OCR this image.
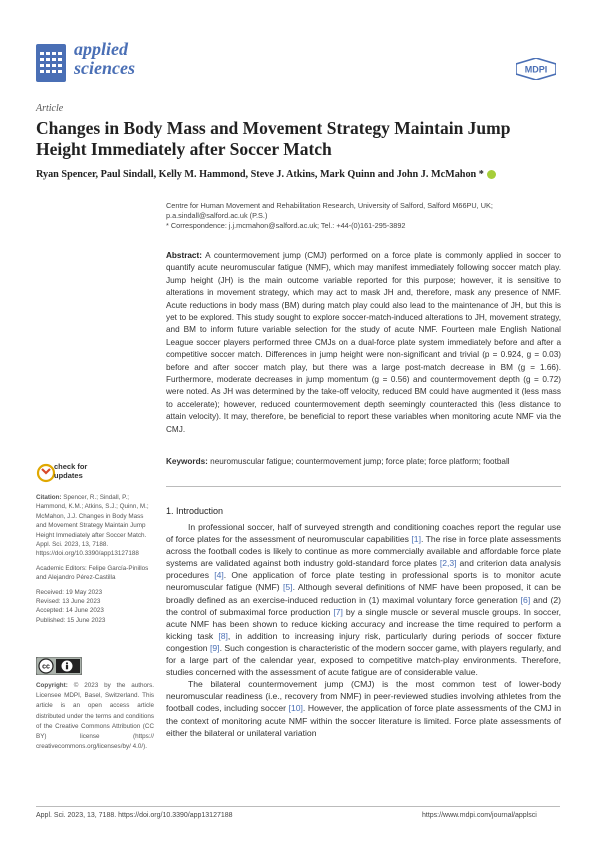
applied
sciences	MDPI
Article
Changes in Body Mass and Movement Strategy Maintain Jump Height Immediately after Soccer Match
Ryan Spencer, Paul Sindall, Kelly M. Hammond, Steve J. Atkins, Mark Quinn and John J. McMahon *
Centre for Human Movement and Rehabilitation Research, University of Salford, Salford M66PU, UK;
p.a.sindall@salford.ac.uk (P.S.)
* Correspondence: j.j.mcmahon@salford.ac.uk; Tel.: +44-(0)161-295-3892
Abstract: A countermovement jump (CMJ) performed on a force plate is commonly applied in soccer to quantify acute neuromuscular fatigue (NMF), which may manifest immediately following soccer match play. Jump height (JH) is the main outcome variable reported for this purpose; however, it is sensitive to alterations in movement strategy, which may act to mask JH and, therefore, mask any presence of NMF. Acute reductions in body mass (BM) during match play could also lead to the maintenance of JH, but this is yet to be explored. This study sought to explore soccer-match-induced alterations to JH, movement strategy, and BM to inform future variable selection for the study of acute NMF. Fourteen male English National League soccer players performed three CMJs on a dual-force plate system immediately before and after a competitive soccer match. Differences in jump height were non-significant and trivial (p = 0.924, g = 0.03) before and after soccer match play, but there was a large post-match decrease in BM (g = 1.66). Furthermore, moderate decreases in jump momentum (g = 0.56) and countermovement depth (g = 0.72) were noted. As JH was determined by the take-off velocity, reduced BM could have augmented it (less mass to accelerate); however, reduced countermovement depth seemingly counteracted this (less distance to attain velocity). It may, therefore, be beneficial to report these variables when monitoring acute NMF via the CMJ.
Keywords: neuromuscular fatigue; countermovement jump; force plate; force platform; football
check for
updates
Citation: Spencer, R.; Sindall, P.; Hammond, K.M.; Atkins, S.J.; Quinn, M.; McMahon, J.J. Changes in Body Mass and Movement Strategy Maintain Jump Height Immediately after Soccer Match. Appl. Sci. 2023, 13, 7188. https://doi.org/10.3390/app13127188
Academic Editors: Felipe García-Pinillos and Alejandro Pérez-Castilla
Received: 19 May 2023
Revised: 13 June 2023
Accepted: 14 June 2023
Published: 15 June 2023
cc
Copyright: © 2023 by the authors. Licensee MDPI, Basel, Switzerland. This article is an open access article distributed under the terms and conditions of the Creative Commons Attribution (CC BY) license (https:// creativecommons.org/licenses/by/ 4.0/).
1. Introduction

In professional soccer, half of surveyed strength and conditioning coaches report the regular use of force plates for the assessment of neuromuscular capabilities [1]. The rise in force plate assessments across the football codes is likely to continue as more commercially available and affordable force plate systems are validated against both industry gold-standard force plates [2,3] and criterion data analysis procedures [4]. One application of force plate testing in professional sports is to monitor acute neuromuscular fatigue (NMF) [5]. Although several definitions of NMF have been proposed, it can be broadly defined as an exercise-induced reduction in (1) maximal voluntary force generation [6] and (2) the control of submaximal force production [7] by a single muscle or several muscle groups. In soccer, acute NMF has been shown to reduce kicking accuracy and increase the time required to perform a kicking task [8], in addition to increasing injury risk, particularly during periods of soccer fixture congestion [9]. Such congestion is characteristic of the modern soccer game, with players regularly, and for a large part of the calendar year, exposed to competitive match-play environments. Therefore, studies concerned with the assessment of acute fatigue are of considerable value.

The bilateral countermovement jump (CMJ) is the most common test of lower-body neuromuscular readiness (i.e., recovery from NMF) in peer-reviewed studies involving athletes from the football codes, including soccer [10]. However, the application of force plate assessments of the CMJ in the context of monitoring acute NMF within the soccer literature is limited. Force plate assessments of either the bilateral or unilateral variation

Appl. Sci. 2023, 13, 7188. https://doi.org/10.3390/app13127188	https://www.mdpi.com/journal/applsci
